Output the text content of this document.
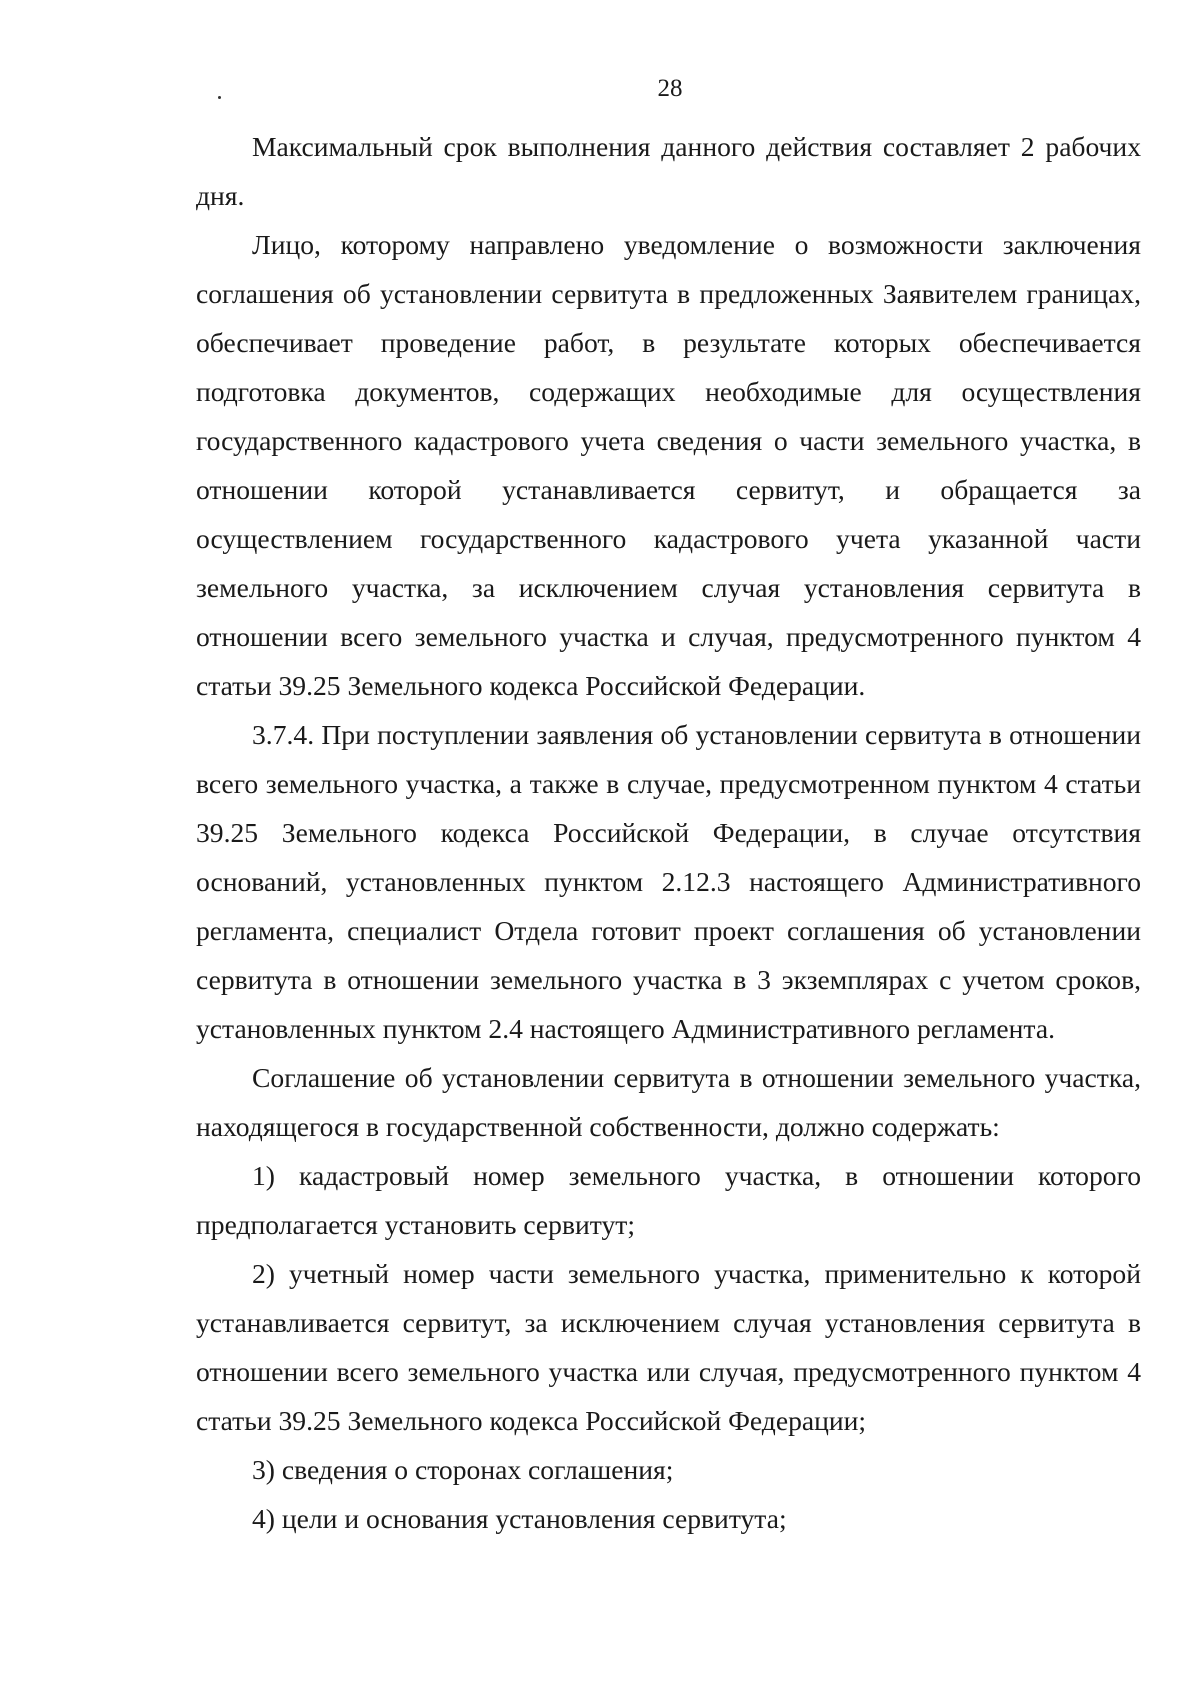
28

Максимальный срок выполнения данного действия составляет 2 рабочих дня.

Лицо, которому направлено уведомление о возможности заключения соглашения об установлении сервитута в предложенных Заявителем границах, обеспечивает проведение работ, в результате которых обеспечивается подготовка документов, содержащих необходимые для осуществления государственного кадастрового учета сведения о части земельного участка, в отношении которой устанавливается сервитут, и обращается за осуществлением государственного кадастрового учета указанной части земельного участка, за исключением случая установления сервитута в отношении всего земельного участка и случая, предусмотренного пунктом 4 статьи 39.25 Земельного кодекса Российской Федерации.

3.7.4. При поступлении заявления об установлении сервитута в отношении всего земельного участка, а также в случае, предусмотренном пунктом 4 статьи 39.25 Земельного кодекса Российской Федерации, в случае отсутствия оснований, установленных пунктом 2.12.3 настоящего Административного регламента, специалист Отдела готовит проект соглашения об установлении сервитута в отношении земельного участка в 3 экземплярах с учетом сроков, установленных пунктом 2.4 настоящего Административного регламента.

Соглашение об установлении сервитута в отношении земельного участка, находящегося в государственной собственности, должно содержать:

1) кадастровый номер земельного участка, в отношении которого предполагается установить сервитут;

2) учетный номер части земельного участка, применительно к которой устанавливается сервитут, за исключением случая установления сервитута в отношении всего земельного участка или случая, предусмотренного пунктом 4 статьи 39.25 Земельного кодекса Российской Федерации;

3) сведения о сторонах соглашения;

4) цели и основания установления сервитута;
